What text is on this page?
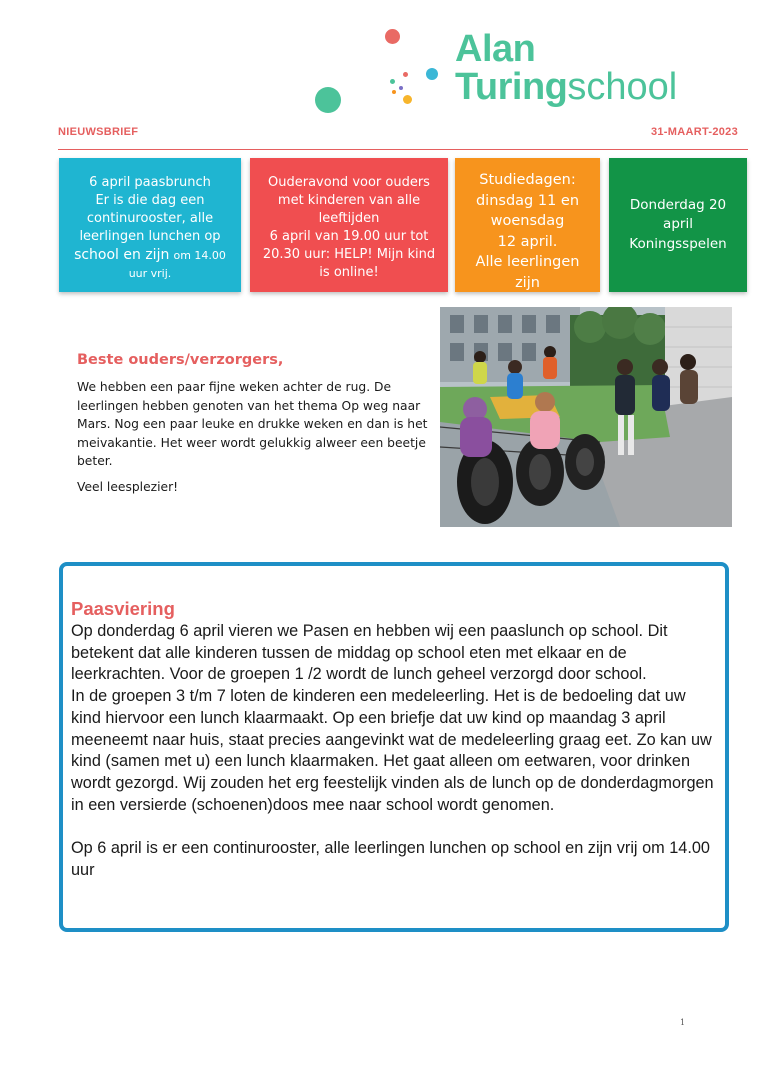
Alan
Turingschool
NIEUWSBRIEF	31-MAART-2023

6 april paasbrunch
Er is die dag een
continurooster, alle
leerlingen lunchen op
school en zijn om 14.00
uur vrij.

Ouderavond voor ouders
met kinderen van alle
leeftijden
6 april van 19.00 uur tot
20.30 uur: HELP! Mijn kind
is online!

Studiedagen:
dinsdag 11 en
woensdag
12 april.
Alle leerlingen zijn

Donderdag 20
april
Koningsspelen

Beste ouders/verzorgers,

We hebben een paar fijne weken achter de rug. De leerlingen hebben genoten van het thema Op weg naar Mars. Nog een paar leuke en drukke weken en dan is het meivakantie. Het weer wordt gelukkig alweer een beetje beter.

Veel leesplezier!
Paasviering

Op donderdag 6 april vieren we Pasen en hebben wij een paaslunch op school. Dit betekent dat alle kinderen tussen de middag op school eten met elkaar en de leerkrachten. Voor de groepen 1 /2 wordt de lunch geheel verzorgd door school.

In de groepen 3 t/m 7 loten de kinderen een medeleerling. Het is de bedoeling dat uw kind hiervoor een lunch klaarmaakt. Op een briefje dat uw kind op maandag 3 april meeneemt naar huis, staat precies aangevinkt wat de medeleerling graag eet. Zo kan uw kind (samen met u) een lunch klaarmaken. Het gaat alleen om eetwaren, voor drinken wordt gezorgd. Wij zouden het erg feestelijk vinden als de lunch op de donderdagmorgen in een versierde (schoenen)doos mee naar school wordt genomen.

Op 6 april is er een continurooster, alle leerlingen lunchen op school en zijn vrij om 14.00 uur

1
